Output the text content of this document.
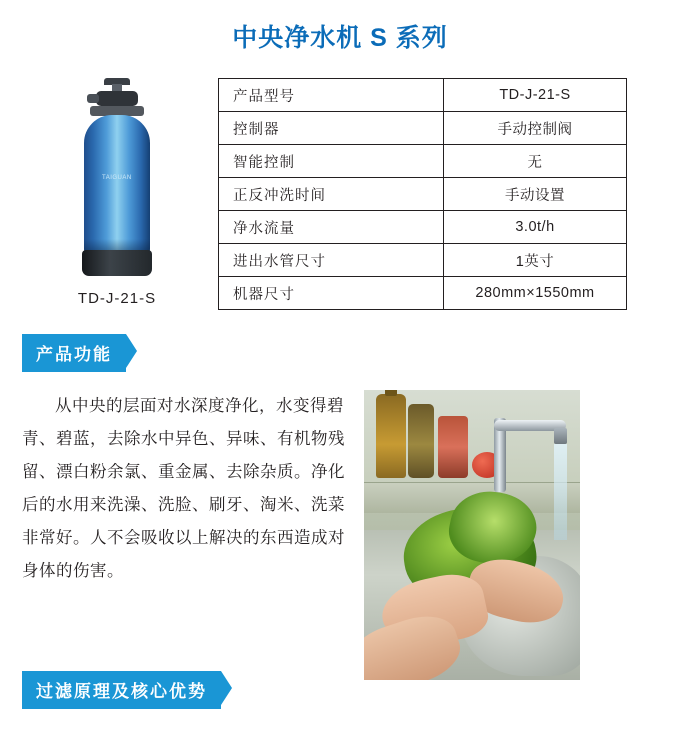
中央净水机 S 系列
TAIGUAN
TD-J-21-S
产品型号	TD-J-21-S
控制器	手动控制阀
智能控制	无
正反冲洗时间	手动设置
净水流量	3.0t/h
进出水管尺寸	1英寸
机器尺寸	280mm×1550mm
产品功能
从中央的层面对水深度净化，水变得碧青、碧蓝，去除水中异色、异味、有机物残留、漂白粉余氯、重金属、去除杂质。净化后的水用来洗澡、洗脸、刷牙、淘米、洗菜非常好。人不会吸收以上解决的东西造成对身体的伤害。
过滤原理及核心优势
